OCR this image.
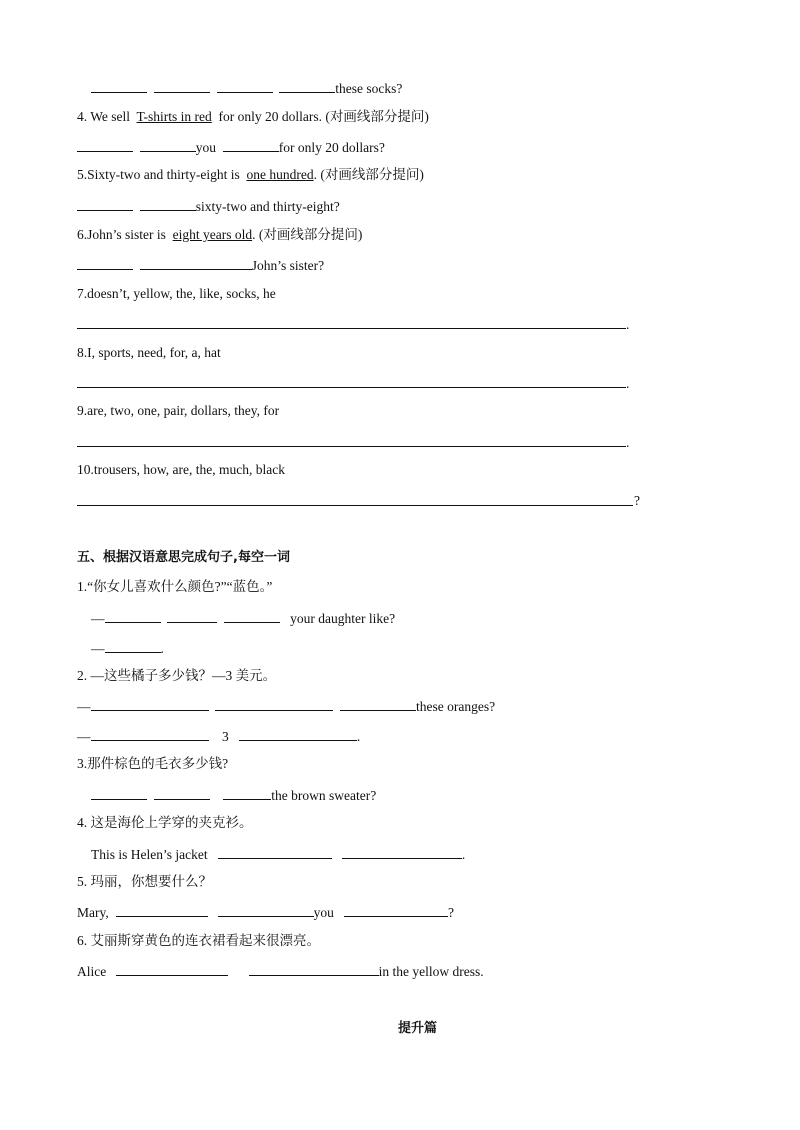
these socks?
4. We sell T-shirts in red for only 20 dollars. (对画线部分提问)
you	for only 20 dollars?
5.Sixty-two and thirty-eight is one hundred. (对画线部分提问)
sixty-two and thirty-eight?
6.John’s sister is eight years old. (对画线部分提问)
John’s sister?
7.doesn’t, yellow, the, like, socks, he
.
8.I, sports, need, for, a, hat
.
9.are, two, one, pair, dollars, they, for
.
10.trousers, how, are, the, much, black
?
五、根据汉语意思完成句子,每空一词
1.“你女儿喜欢什么颜色?”“蓝色。”
—	your daughter like?
—	.
2. —这些橘子多少钱？—3 美元。
—	these oranges?
—	3	.
3.那件棕色的毛衣多少钱?
the brown sweater?
4. 这是海伦上学穿的夹克衫。
This is Helen’s jacket	.
5. 玛丽，你想要什么？
Mary,	you	?
6. 艾丽斯穿黄色的连衣裙看起来很漂亮。
Alice	in the yellow dress.
提升篇
